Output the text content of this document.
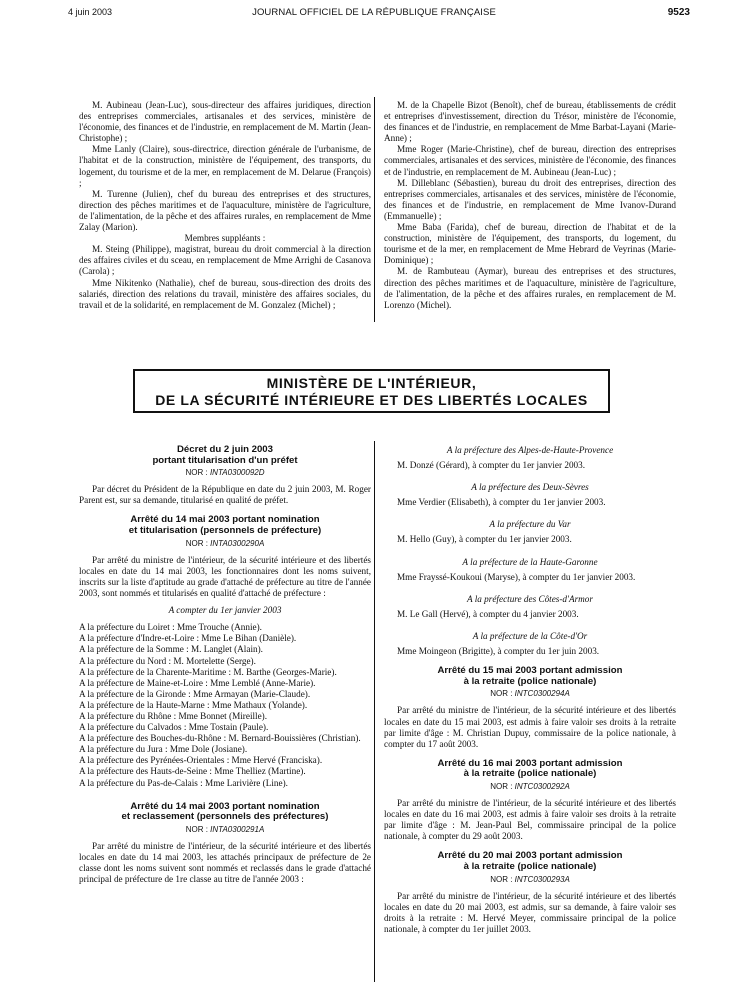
4 juin 2003	JOURNAL OFFICIEL DE LA RÉPUBLIQUE FRANÇAISE	9523

M. Aubineau (Jean-Luc), sous-directeur des affaires juridiques, direction des entreprises commerciales, artisanales et des services, ministère de l'économie, des finances et de l'industrie, en remplacement de M. Martin (Jean-Christophe) ;

Mme Lanly (Claire), sous-directrice, direction générale de l'urbanisme, de l'habitat et de la construction, ministère de l'équipement, des transports, du logement, du tourisme et de la mer, en remplacement de M. Delarue (François) ;

M. Turenne (Julien), chef du bureau des entreprises et des structures, direction des pêches maritimes et de l'aquaculture, ministère de l'agriculture, de l'alimentation, de la pêche et des affaires rurales, en remplacement de Mme Zalay (Marion).

Membres suppléants :

M. Steing (Philippe), magistrat, bureau du droit commercial à la direction des affaires civiles et du sceau, en remplacement de Mme Arrighi de Casanova (Carola) ;

Mme Nikitenko (Nathalie), chef de bureau, sous-direction des droits des salariés, direction des relations du travail, ministère des affaires sociales, du travail et de la solidarité, en remplacement de M. Gonzalez (Michel) ;

M. de la Chapelle Bizot (Benoît), chef de bureau, établissements de crédit et entreprises d'investissement, direction du Trésor, ministère de l'économie, des finances et de l'industrie, en remplacement de Mme Barbat-Layani (Marie-Anne) ;

Mme Roger (Marie-Christine), chef de bureau, direction des entreprises commerciales, artisanales et des services, ministère de l'économie, des finances et de l'industrie, en remplacement de M. Aubineau (Jean-Luc) ;

M. Dilleblanc (Sébastien), bureau du droit des entreprises, direction des entreprises commerciales, artisanales et des services, ministère de l'économie, des finances et de l'industrie, en remplacement de Mme Ivanov-Durand (Emmanuelle) ;

Mme Baba (Farida), chef de bureau, direction de l'habitat et de la construction, ministère de l'équipement, des transports, du logement, du tourisme et de la mer, en remplacement de Mme Hebrard de Veyrinas (Marie-Dominique) ;

M. de Rambuteau (Aymar), bureau des entreprises et des structures, direction des pêches maritimes et de l'aquaculture, ministère de l'agriculture, de l'alimentation, de la pêche et des affaires rurales, en remplacement de M. Lorenzo (Michel).

MINISTÈRE DE L'INTÉRIEUR,
DE LA SÉCURITÉ INTÉRIEURE ET DES LIBERTÉS LOCALES
Décret du 2 juin 2003
portant titularisation d'un préfet
NOR : INTA0300092D

Par décret du Président de la République en date du 2 juin 2003, M. Roger Parent est, sur sa demande, titularisé en qualité de préfet.

Arrêté du 14 mai 2003 portant nomination
et titularisation (personnels de préfecture)
NOR : INTA0300290A

Par arrêté du ministre de l'intérieur, de la sécurité intérieure et des libertés locales en date du 14 mai 2003, les fonctionnaires dont les noms suivent, inscrits sur la liste d'aptitude au grade d'attaché de préfecture au titre de l'année 2003, sont nommés et titularisés en qualité d'attaché de préfecture :

A compter du 1er janvier 2003

A la préfecture du Loiret : Mme Trouche (Annie).

A la préfecture d'Indre-et-Loire : Mme Le Bihan (Danièle).

A la préfecture de la Somme : M. Langlet (Alain).

A la préfecture du Nord : M. Mortelette (Serge).

A la préfecture de la Charente-Maritime : M. Barthe (Georges-Marie).

A la préfecture de Maine-et-Loire : Mme Lemblé (Anne-Marie).

A la préfecture de la Gironde : Mme Armayan (Marie-Claude).

A la préfecture de la Haute-Marne : Mme Mathaux (Yolande).

A la préfecture du Rhône : Mme Bonnet (Mireille).

A la préfecture du Calvados : Mme Tostain (Paule).

A la préfecture des Bouches-du-Rhône : M. Bernard-Bouissières (Christian).

A la préfecture du Jura : Mme Dole (Josiane).

A la préfecture des Pyrénées-Orientales : Mme Hervé (Franciska).

A la préfecture des Hauts-de-Seine : Mme Thelliez (Martine).

A la préfecture du Pas-de-Calais : Mme Larivière (Line).

Arrêté du 14 mai 2003 portant nomination
et reclassement (personnels des préfectures)
NOR : INTA0300291A

Par arrêté du ministre de l'intérieur, de la sécurité intérieure et des libertés locales en date du 14 mai 2003, les attachés principaux de préfecture de 2e classe dont les noms suivent sont nommés et reclassés dans le grade d'attaché principal de préfecture de 1re classe au titre de l'année 2003 :

A la préfecture des Alpes-de-Haute-Provence

M. Donzé (Gérard), à compter du 1er janvier 2003.

A la préfecture des Deux-Sèvres

Mme Verdier (Elisabeth), à compter du 1er janvier 2003.

A la préfecture du Var

M. Hello (Guy), à compter du 1er janvier 2003.

A la préfecture de la Haute-Garonne

Mme Frayssé-Koukoui (Maryse), à compter du 1er janvier 2003.

A la préfecture des Côtes-d'Armor

M. Le Gall (Hervé), à compter du 4 janvier 2003.

A la préfecture de la Côte-d'Or

Mme Moingeon (Brigitte), à compter du 1er juin 2003.

Arrêté du 15 mai 2003 portant admission
à la retraite (police nationale)
NOR : INTC0300294A

Par arrêté du ministre de l'intérieur, de la sécurité intérieure et des libertés locales en date du 15 mai 2003, est admis à faire valoir ses droits à la retraite par limite d'âge : M. Christian Dupuy, commissaire de la police nationale, à compter du 17 août 2003.

Arrêté du 16 mai 2003 portant admission
à la retraite (police nationale)
NOR : INTC0300292A

Par arrêté du ministre de l'intérieur, de la sécurité intérieure et des libertés locales en date du 16 mai 2003, est admis à faire valoir ses droits à la retraite par limite d'âge : M. Jean-Paul Bel, commissaire principal de la police nationale, à compter du 29 août 2003.

Arrêté du 20 mai 2003 portant admission
à la retraite (police nationale)
NOR : INTC0300293A

Par arrêté du ministre de l'intérieur, de la sécurité intérieure et des libertés locales en date du 20 mai 2003, est admis, sur sa demande, à faire valoir ses droits à la retraite : M. Hervé Meyer, commissaire principal de la police nationale, à compter du 1er juillet 2003.
